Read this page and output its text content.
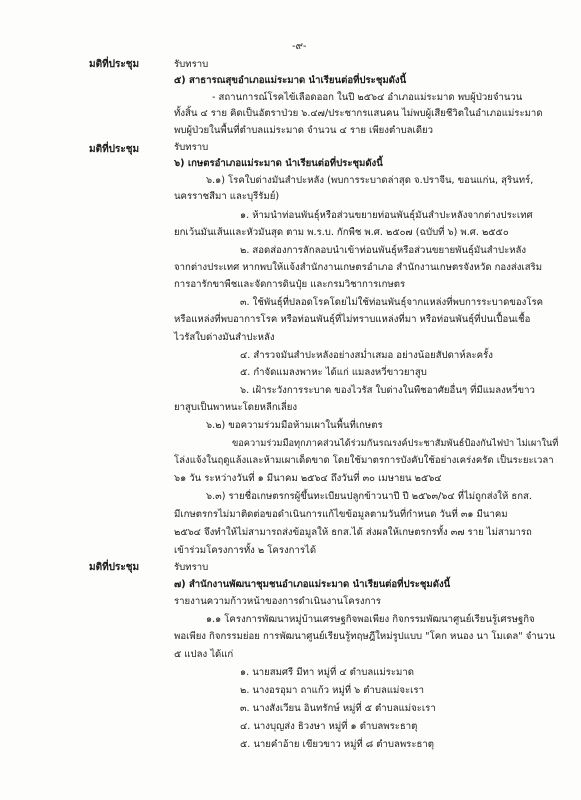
-๙-
มติที่ประชุม
มติที่ประชุม
มติที่ประชุม
รับทราบ
๕) สาธารณสุขอำเภอแม่ระมาด นำเรียนต่อที่ประชุมดังนี้
- สถานการณ์โรคไข้เลือดออก ในปี ๒๕๖๔ อำเภอแม่ระมาด พบผู้ป่วยจำนวน
ทั้งสิ้น ๔ ราย คิดเป็นอัตราป่วย ๖.๔๗/ประชากรแสนคน ไม่พบผู้เสียชีวิตในอำเภอแม่ระมาด
พบผู้ป่วยในพื้นที่ตำบลแม่ระมาด จำนวน ๔ ราย เพียงตำบลเดียว
รับทราบ
๖) เกษตรอำเภอแม่ระมาด นำเรียนต่อที่ประชุมดังนี้
๖.๑) โรคใบด่างมันสำปะหลัง (พบการระบาดล่าสุด จ.ปราจีน, ขอนแก่น, สุรินทร์,
นครราชสีมา และบุรีรัมย์)
๑. ห้ามนำท่อนพันธุ์หรือส่วนขยายท่อนพันธุ์มันสำปะหลังจากต่างประเทศ
ยกเว้นมันเส้นและหัวมันสุด ตาม พ.ร.บ. กักพืช พ.ศ. ๒๕๐๗ (ฉบับที่ ๖) พ.ศ. ๒๕๕๐
๒. สอดส่องการลักลอบนำเข้าท่อนพันธุ์หรือส่วนขยายพันธุ์มันสำปะหลัง
จากต่างประเทศ หากพบให้แจ้งสำนักงานเกษตรอำเภอ สำนักงานเกษตรจังหวัด กองส่งเสริม
การอารักขาพืชและจัดการดินปุ๋ย และกรมวิชาการเกษตร
๓. ใช้พันธุ์ที่ปลอดโรคโดยไม่ใช้ท่อนพันธุ์จากแหล่งที่พบการระบาดของโรค
หรือแหล่งที่พบอาการโรค หรือท่อนพันธุ์ที่ไม่ทราบแหล่งที่มา หรือท่อนพันธุ์ที่ปนเปื้อนเชื้อ
ไวรัสใบด่างมันสำปะหลัง
๔. สำรวจมันสำปะหลังอย่างสม่ำเสมอ อย่างน้อยสัปดาห์ละครั้ง
๕. กำจัดแมลงพาหะ ได้แก่ แมลงหวี่ขาวยาสูบ
๖. เฝ้าระวังการระบาด ของไวรัส ใบด่างในพืชอาศัยอื่นๆ ที่มีแมลงหวี่ขาว
ยาสูบเป็นพาหนะโดยหลีกเลี่ยง
๖.๒) ขอความร่วมมือห้ามเผาในพื้นที่เกษตร
ขอความร่วมมือทุกภาคส่วนได้ร่วมกันรณรงค์ประชาสัมพันธ์ป้องกันไฟป่า ไม่เผาในที่
โล่งแจ้งในฤดูแล้งและห้ามเผาเด็ดขาด โดยใช้มาตรการบังคับใช้อย่างเคร่งครัด เป็นระยะเวลา
๖๑ วัน ระหว่างวันที่ ๑ มีนาคม ๒๕๖๔ ถึงวันที่ ๓๐ เมษายน ๒๕๖๔
๖.๓) รายชื่อเกษตรกรผู้ขึ้นทะเบียนปลูกข้าวนาปี ปี ๒๕๖๓/๖๔ ที่ไม่ถูกส่งให้ ธกส.
มีเกษตรกรไม่มาติดต่อขอดำเนินการแก้ไขข้อมูลตามวันที่กำหนด วันที่ ๓๑ มีนาคม
๒๕๖๔ จึงทำให้ไม่สามารถส่งข้อมูลให้ ธกส.ได้ ส่งผลให้เกษตรกรทั้ง ๓๗ ราย ไม่สามารถ
เข้าร่วมโครงการทั้ง ๒ โครงการได้
รับทราบ
๗) สำนักงานพัฒนาชุมชนอำเภอแม่ระมาด นำเรียนต่อที่ประชุมดังนี้
รายงานความก้าวหน้าของการดำเนินงานโครงการ
๑.๑ โครงการพัฒนาหมู่บ้านเศรษฐกิจพอเพียง กิจกรรมพัฒนาศูนย์เรียนรู้เศรษฐกิจ
พอเพียง กิจกรรมย่อย การพัฒนาศูนย์เรียนรู้ทฤษฎีใหม่รูปแบบ "โคก หนอง นา โมเดล" จำนวน
๕ แปลง ได้แก่
๑. นายสมศรี มีทา หมู่ที่ ๔ ตำบลแม่ระมาด
๒. นางอรอุมา ถาแก้ว หมู่ที่ ๖ ตำบลแม่จะเรา
๓. นางสังเวียน อินทรักษ์ หมู่ที่ ๕ ตำบลแม่จะเรา
๔. นางบุญส่ง ธิวงษา หมู่ที่ ๑ ตำบลพระธาตุ
๕. นายคำอ้าย เขียวขาว หมู่ที่ ๘ ตำบลพระธาตุ
